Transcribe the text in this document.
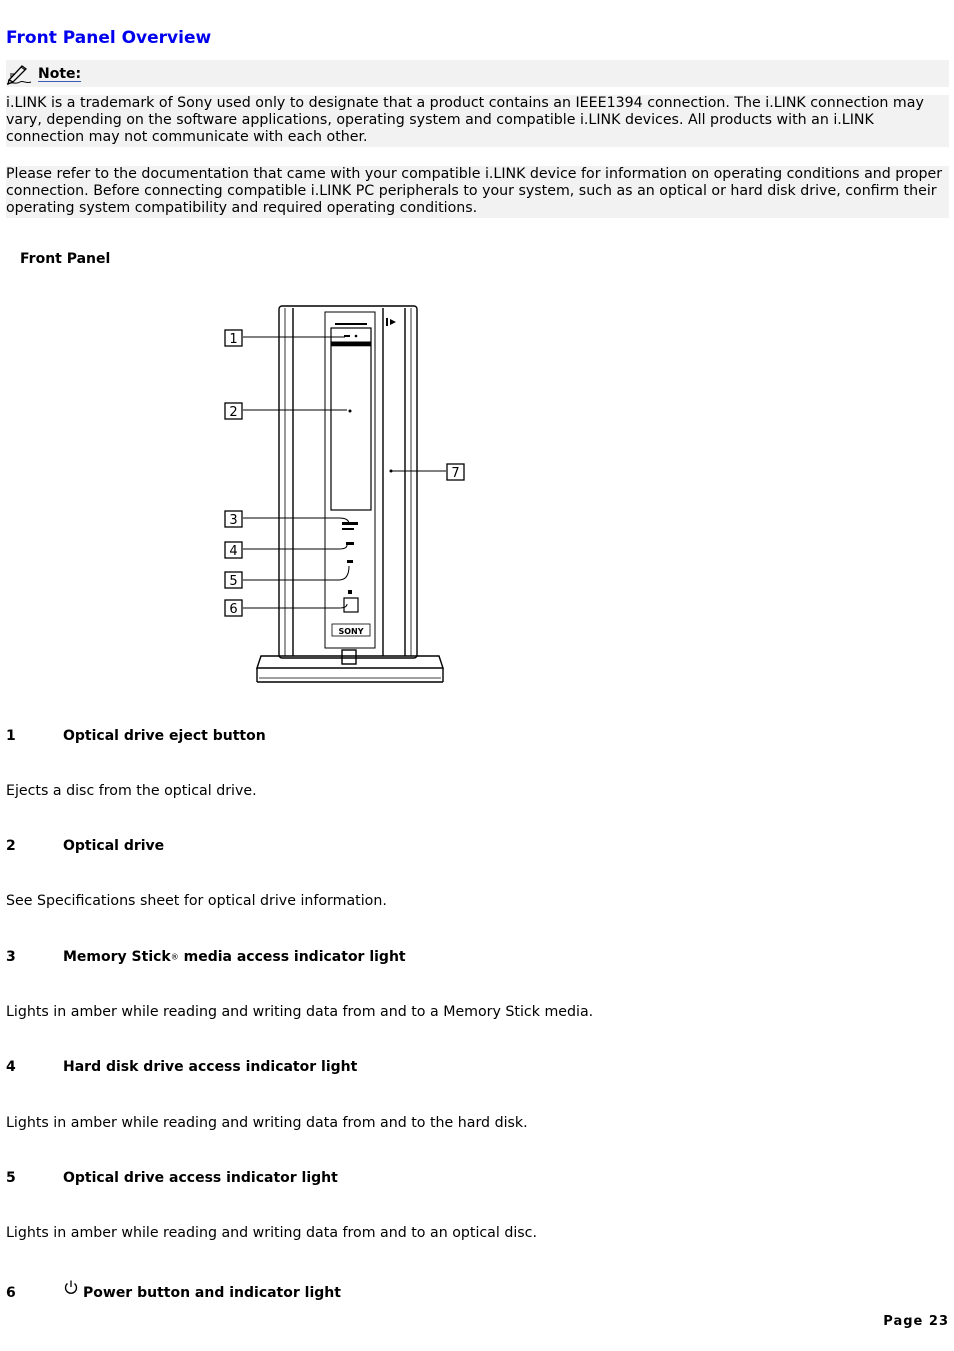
Front Panel Overview
Note:

i.LINK is a trademark of Sony used only to designate that a product contains an IEEE1394 connection. The i.LINK connection may vary, depending on the software applications, operating system and compatible i.LINK devices. All products with an i.LINK connection may not communicate with each other.

Please refer to the documentation that came with your compatible i.LINK device for information on operating conditions and proper connection. Before connecting compatible i.LINK PC peripherals to your system, such as an optical or hard disk drive, confirm their operating system compatibility and required operating conditions.

Front Panel
SONY
1
2
3
4
5
6
7
1	Optical drive eject button

Ejects a disc from the optical drive.

2	Optical drive

See Specifications sheet for optical drive information.

3	Memory Stick® media access indicator light

Lights in amber while reading and writing data from and to a Memory Stick media.

4	Hard disk drive access indicator light

Lights in amber while reading and writing data from and to the hard disk.

5	Optical drive access indicator light

Lights in amber while reading and writing data from and to an optical disc.

6	Power button and indicator light
Page 23
